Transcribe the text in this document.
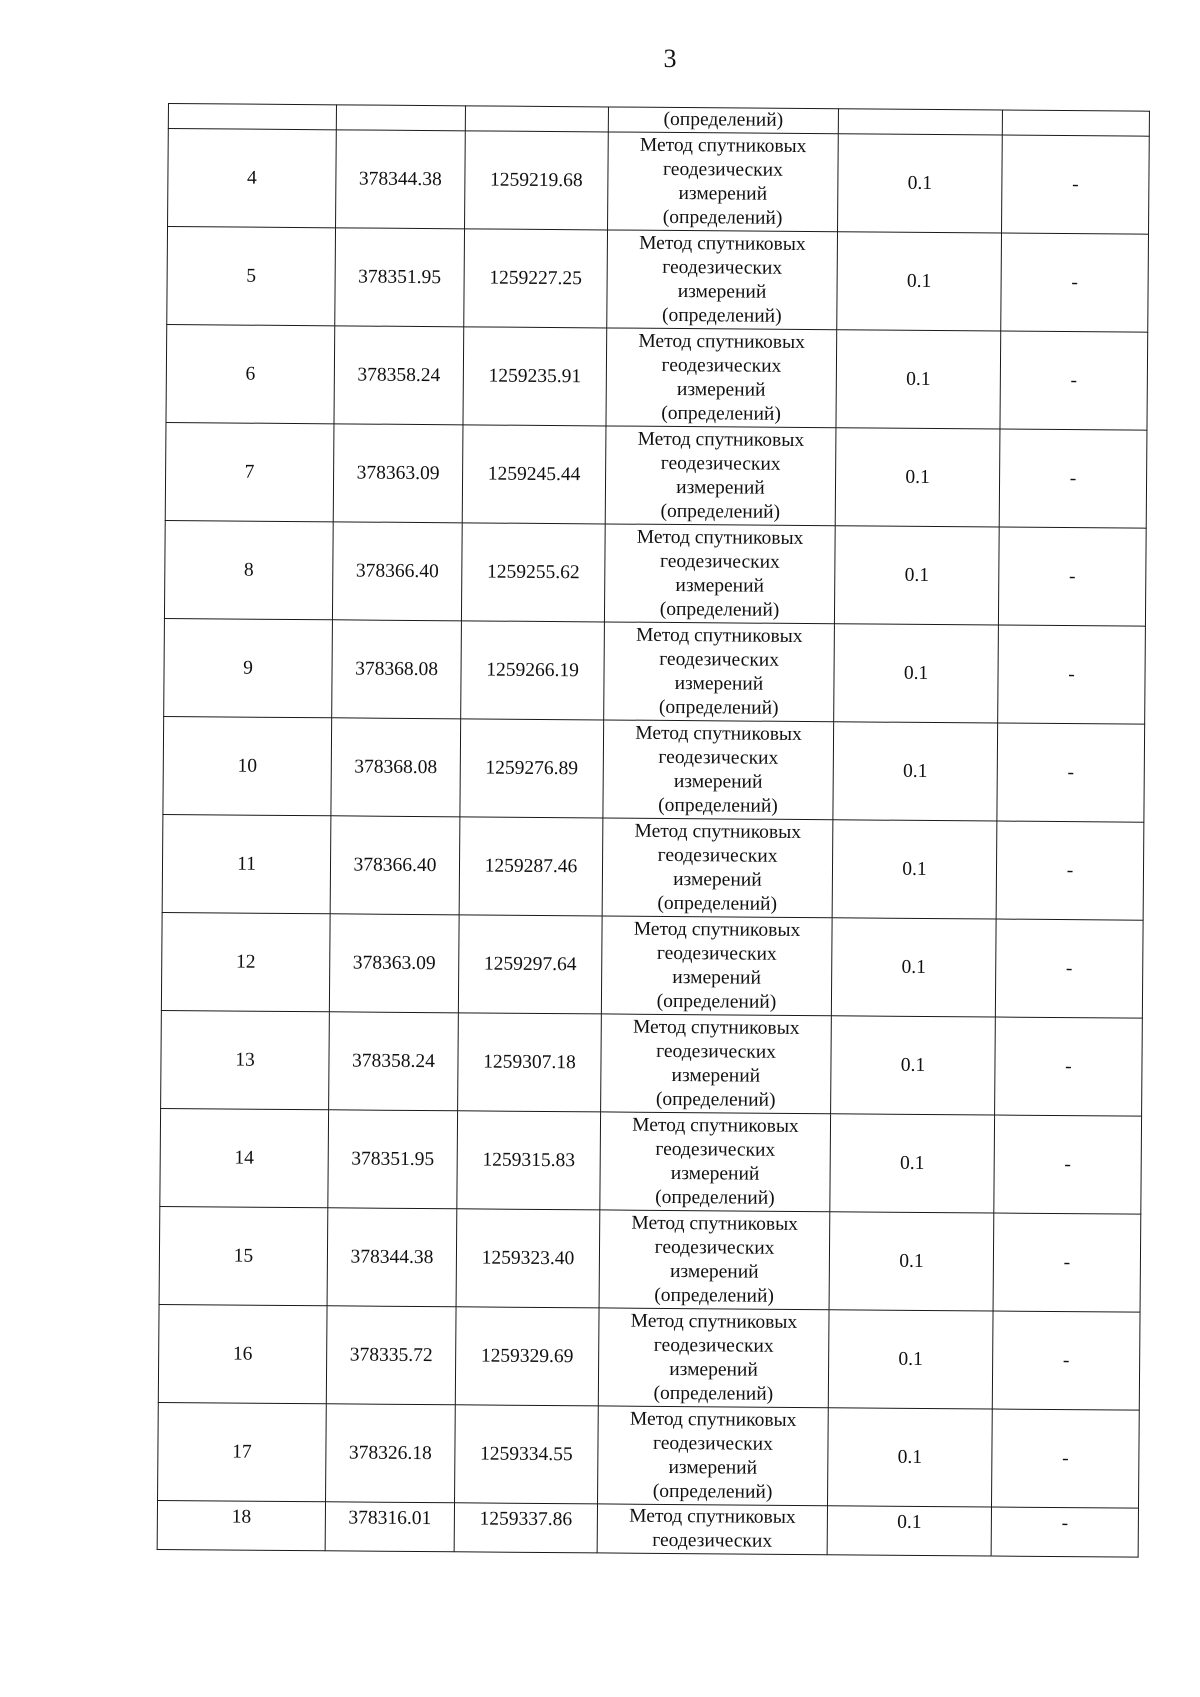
3

			(определений)		

4	378344.38	1259219.68	Метод спутниковых
геодезических
измерений
(определений)	0.1	-
5	378351.95	1259227.25	Метод спутниковых
геодезических
измерений
(определений)	0.1	-
6	378358.24	1259235.91	Метод спутниковых
геодезических
измерений
(определений)	0.1	-
7	378363.09	1259245.44	Метод спутниковых
геодезических
измерений
(определений)	0.1	-
8	378366.40	1259255.62	Метод спутниковых
геодезических
измерений
(определений)	0.1	-
9	378368.08	1259266.19	Метод спутниковых
геодезических
измерений
(определений)	0.1	-
10	378368.08	1259276.89	Метод спутниковых
геодезических
измерений
(определений)	0.1	-
11	378366.40	1259287.46	Метод спутниковых
геодезических
измерений
(определений)	0.1	-
12	378363.09	1259297.64	Метод спутниковых
геодезических
измерений
(определений)	0.1	-
13	378358.24	1259307.18	Метод спутниковых
геодезических
измерений
(определений)	0.1	-
14	378351.95	1259315.83	Метод спутниковых
геодезических
измерений
(определений)	0.1	-
15	378344.38	1259323.40	Метод спутниковых
геодезических
измерений
(определений)	0.1	-
16	378335.72	1259329.69	Метод спутниковых
геодезических
измерений
(определений)	0.1	-
17	378326.18	1259334.55	Метод спутниковых
геодезических
измерений
(определений)	0.1	-

18	378316.01	1259337.86	Метод спутниковых
геодезических	0.1	-
